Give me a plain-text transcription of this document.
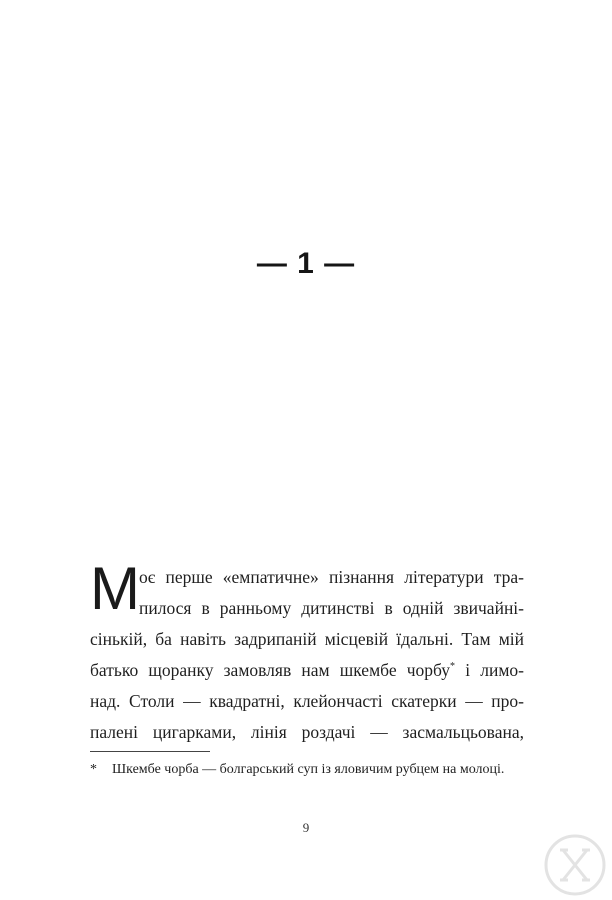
— 1 —
М оє перше «емпатичне» пізнання літератури тра-
пилося в ранньому дитинстві в одній звичайні-
сінькій, ба навіть задрипаній місцевій їдальні. Там мій
батько щоранку замовляв нам шкембе чорбу* і лимо-
над. Столи — квадратні, клейончасті скатерки — про-
палені цигарками, лінія роздачі — засмальцьована,
* Шкембе чорба — болгарський суп із яловичим рубцем на молоці.
9
